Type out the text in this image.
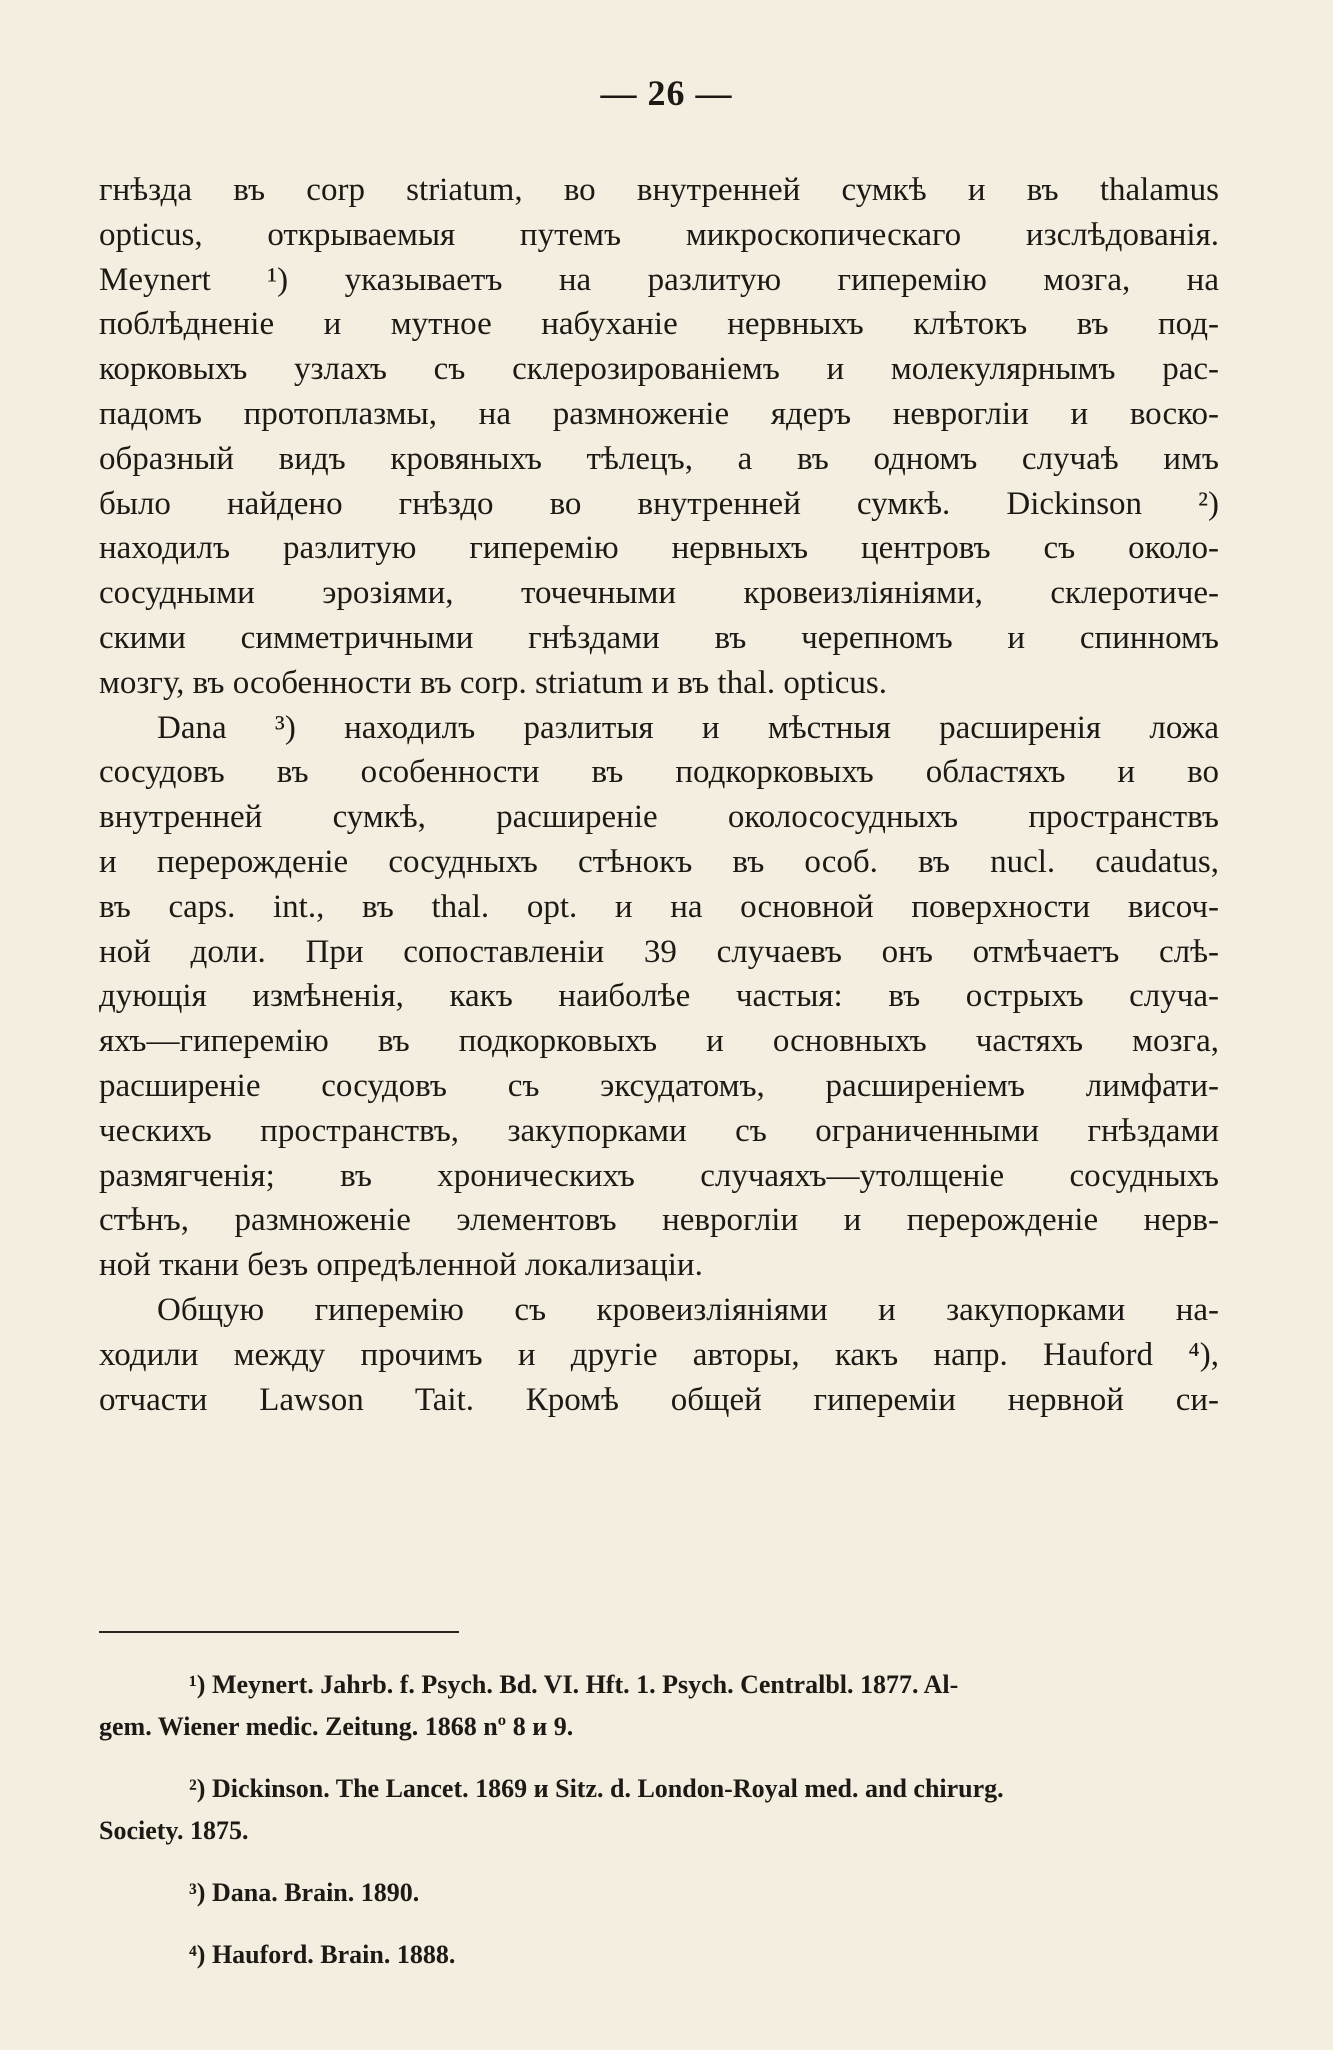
— 26 —
гнѣзда въ corp striatum, во внутренней сумкѣ и въ thalamus
opticus, открываемыя путемъ микроскопическаго изслѣдованія.
Meynert ¹) указываетъ на разлитую гиперемію мозга, на
поблѣдненіе и мутное набуханіе нервныхъ клѣтокъ въ под-
корковыхъ узлахъ съ склерозированіемъ и молекулярнымъ рас-
падомъ протоплазмы, на размноженіе ядеръ невроглiи и воско-
образный видъ кровяныхъ тѣлецъ, а въ одномъ случаѣ имъ
было найдено гнѣздо во внутренней сумкѣ. Dickinson ²)
находилъ разлитую гиперемію нервныхъ центровъ съ около-
сосудными эрозіями, точечными кровеизліяніями, склеротиче-
скими симметричными гнѣздами въ черепномъ и спинномъ
мозгу, въ особенности въ corp. striatum и въ thal. opticus.
Dana ³) находилъ разлитыя и мѣстныя расширенія ложа
сосудовъ въ особенности въ подкорковыхъ областяхъ и во
внутренней сумкѣ, расширеніе околососудныхъ пространствъ
и перерожденіе сосудныхъ стѣнокъ въ особ. въ nucl. caudatus,
въ caps. int., въ thal. opt. и на основной поверхности височ-
ной доли. При сопоставленіи 39 случаевъ онъ отмѣчаетъ слѣ-
дующія измѣненія, какъ наиболѣе частыя: въ острыхъ случа-
яхъ—гиперемію въ подкорковыхъ и основныхъ частяхъ мозга,
расширеніе сосудовъ съ эксудатомъ, расширеніемъ лимфати-
ческихъ пространствъ, закупорками съ ограниченными гнѣздами
размягченія; въ хроническихъ случаяхъ—утолщеніе сосудныхъ
стѣнъ, размноженіе элементовъ невроглiи и перерожденіе нерв-
ной ткани безъ опредѣленной локализаціи.
Общую гиперемію съ кровеизліяніями и закупорками на-
ходили между прочимъ и другіе авторы, какъ напр. Hauford ⁴),
отчасти Lawson Tait. Кромѣ общей гипереміи нервной си-
¹) Meynert. Jahrb. f. Psych. Bd. VI. Hft. 1. Psych. Centralbl. 1877. Al-
gem. Wiener medic. Zeitung. 1868 nº 8 и 9.
²) Dickinson. The Lancet. 1869 и Sitz. d. London-Royal med. and chirurg.
Society. 1875.
³) Dana. Brain. 1890.
⁴) Hauford. Brain. 1888.
